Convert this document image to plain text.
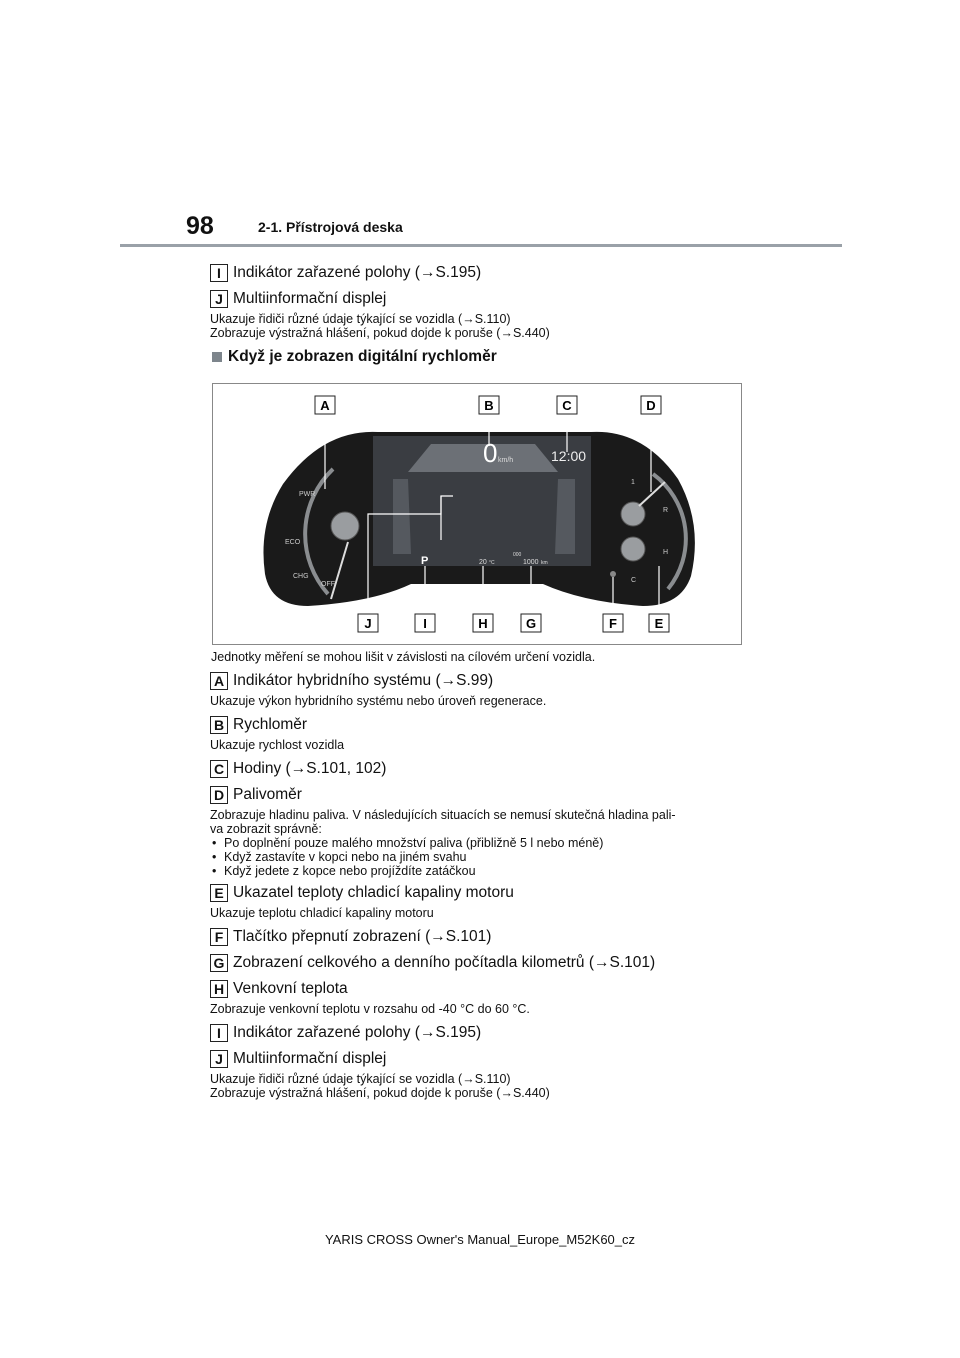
98	2-1. Přístrojová deska
I Indikátor zařazené polohy (→S.195)
J Multiinformační displej

Ukazuje řidiči různé údaje týkající se vozidla (→S.110)

Zobrazuje výstražná hlášení, pokud dojde k poruše (→S.440)

Když je zobrazen digitální rychloměr
0 km/h	12:00
P	20 °C
000
1000 km
PWR
ECO
CHG
OFF
1
R
H
C
A	B	C	D
J	I	H	G	F	E
Jednotky měření se mohou lišit v závislosti na cílovém určení vozidla.
A Indikátor hybridního systému (→S.99)

Ukazuje výkon hybridního systému nebo úroveň regenerace.

B Rychloměr

Ukazuje rychlost vozidla

C Hodiny (→S.101, 102)
D Palivoměr

Zobrazuje hladinu paliva. V následujících situacích se nemusí skutečná hladina pali-

va zobrazit správně:

• Po doplnění pouze malého množství paliva (přibližně 5 l nebo méně)
• Když zastavíte v kopci nebo na jiném svahu
• Když jedete z kopce nebo projíždíte zatáčkou
E Ukazatel teploty chladicí kapaliny motoru

Ukazuje teplotu chladicí kapaliny motoru

F Tlačítko přepnutí zobrazení (→S.101)
G Zobrazení celkového a denního počítadla kilometrů (→S.101)
H Venkovní teplota

Zobrazuje venkovní teplotu v rozsahu od -40 °C do 60 °C.

I Indikátor zařazené polohy (→S.195)
J Multiinformační displej

Ukazuje řidiči různé údaje týkající se vozidla (→S.110)

Zobrazuje výstražná hlášení, pokud dojde k poruše (→S.440)

YARIS CROSS Owner's Manual_Europe_M52K60_cz
